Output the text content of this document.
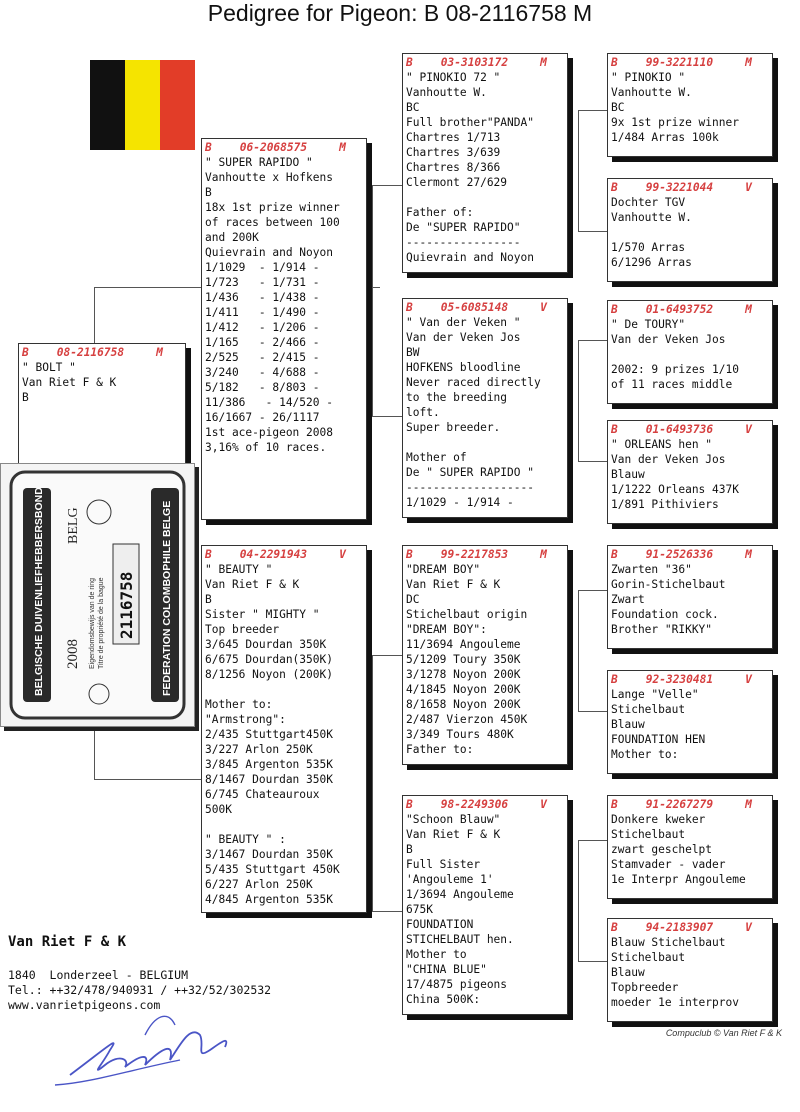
Pedigree for Pigeon: B 08-2116758 M
B	08-2116758	M
" BOLT "
Van Riet F & K
B
B	06-2068575	M
" SUPER RAPIDO "
Vanhoutte x Hofkens
B
18x 1st prize winner
of races between 100
and 200K
Quievrain and Noyon
1/1029  - 1/914 -
1/723   - 1/731 -
1/436   - 1/438 -
1/411   - 1/490 -
1/412   - 1/206 -
1/165   - 2/466 -
2/525   - 2/415 -
3/240   - 4/688 -
5/182   - 8/803 -
11/386   - 14/520 -
16/1667 - 26/1117
1st ace-pigeon 2008
3,16% of 10 races.
B	04-2291943	V
" BEAUTY "
Van Riet F & K
B
Sister " MIGHTY "
Top breeder
3/645 Dourdan 350K
6/675 Dourdan(350K)
8/1256 Noyon (200K)
Mother to:
"Armstrong":
2/435 Stuttgart450K
3/227 Arlon 250K
3/845 Argenton 535K
8/1467 Dourdan 350K
6/745 Chateauroux
500K
" BEAUTY " :
3/1467 Dourdan 350K
5/435 Stuttgart 450K
6/227 Arlon 250K
4/845 Argenton 535K
B	03-3103172	M
" PINOKIO 72 "
Vanhoutte W.
BC
Full brother"PANDA"
Chartres 1/713
Chartres 3/639
Chartres 8/366
Clermont 27/629
Father of:
De "SUPER RAPIDO"
-----------------
Quievrain and Noyon
B	05-6085148	V
" Van der Veken "
Van der Veken Jos
BW
HOFKENS bloodline
Never raced directly
to the breeding
loft.
Super breeder.
Mother of
De " SUPER RAPIDO "
-------------------
1/1029 - 1/914 -
B	99-2217853	M
"DREAM BOY"
Van Riet F & K
DC
Stichelbaut origin
"DREAM BOY":
11/3694 Angouleme
5/1209 Toury 350K
3/1278 Noyon 200K
4/1845 Noyon 200K
8/1658 Noyon 200K
2/487 Vierzon 450K
3/349 Tours 480K
Father to:
B	98-2249306	V
"Schoon Blauw"
Van Riet F & K
B
Full Sister
'Angouleme 1'
1/3694 Angouleme
675K
FOUNDATION
STICHELBAUT hen.
Mother to
"CHINA BLUE"
17/4875 pigeons
China 500K:
B	99-3221110	M
" PINOKIO "
Vanhoutte W.
BC
9x 1st prize winner
1/484 Arras 100k
B	99-3221044	V
Dochter TGV
Vanhoutte W.
1/570 Arras
6/1296 Arras
B	01-6493752	M
" De TOURY"
Van der Veken Jos
2002: 9 prizes 1/10
of 11 races middle
B	01-6493736	V
" ORLEANS hen "
Van der Veken Jos
Blauw
1/1222 Orleans 437K
1/891 Pithiviers
B	91-2526336	M
Zwarten "36"
Gorin-Stichelbaut
Zwart
Foundation cock.
Brother "RIKKY"
B	92-3230481	V
Lange "Velle"
Stichelbaut
Blauw
FOUNDATION HEN
Mother to:
B	91-2267279	M
Donkere kweker
Stichelbaut
zwart geschelpt
Stamvader - vader
1e Interpr Angouleme
B	94-2183907	V
Blauw Stichelbaut
Stichelbaut
Blauw
Topbreeder
moeder 1e interprov
BELGISCHE DUIVENLIEFHEBBERSBOND	FEDERATION COLOMBOPHILE BELGE
2008
BELG
Eigendomsbewijs van de ring Titre de propriété de la bague 2116758
Van Riet F & K
1840  Londerzeel - BELGIUM
Tel.: ++32/478/940931 / ++32/52/302532
www.vanrietpigeons.com
Compuclub © Van Riet F & K
